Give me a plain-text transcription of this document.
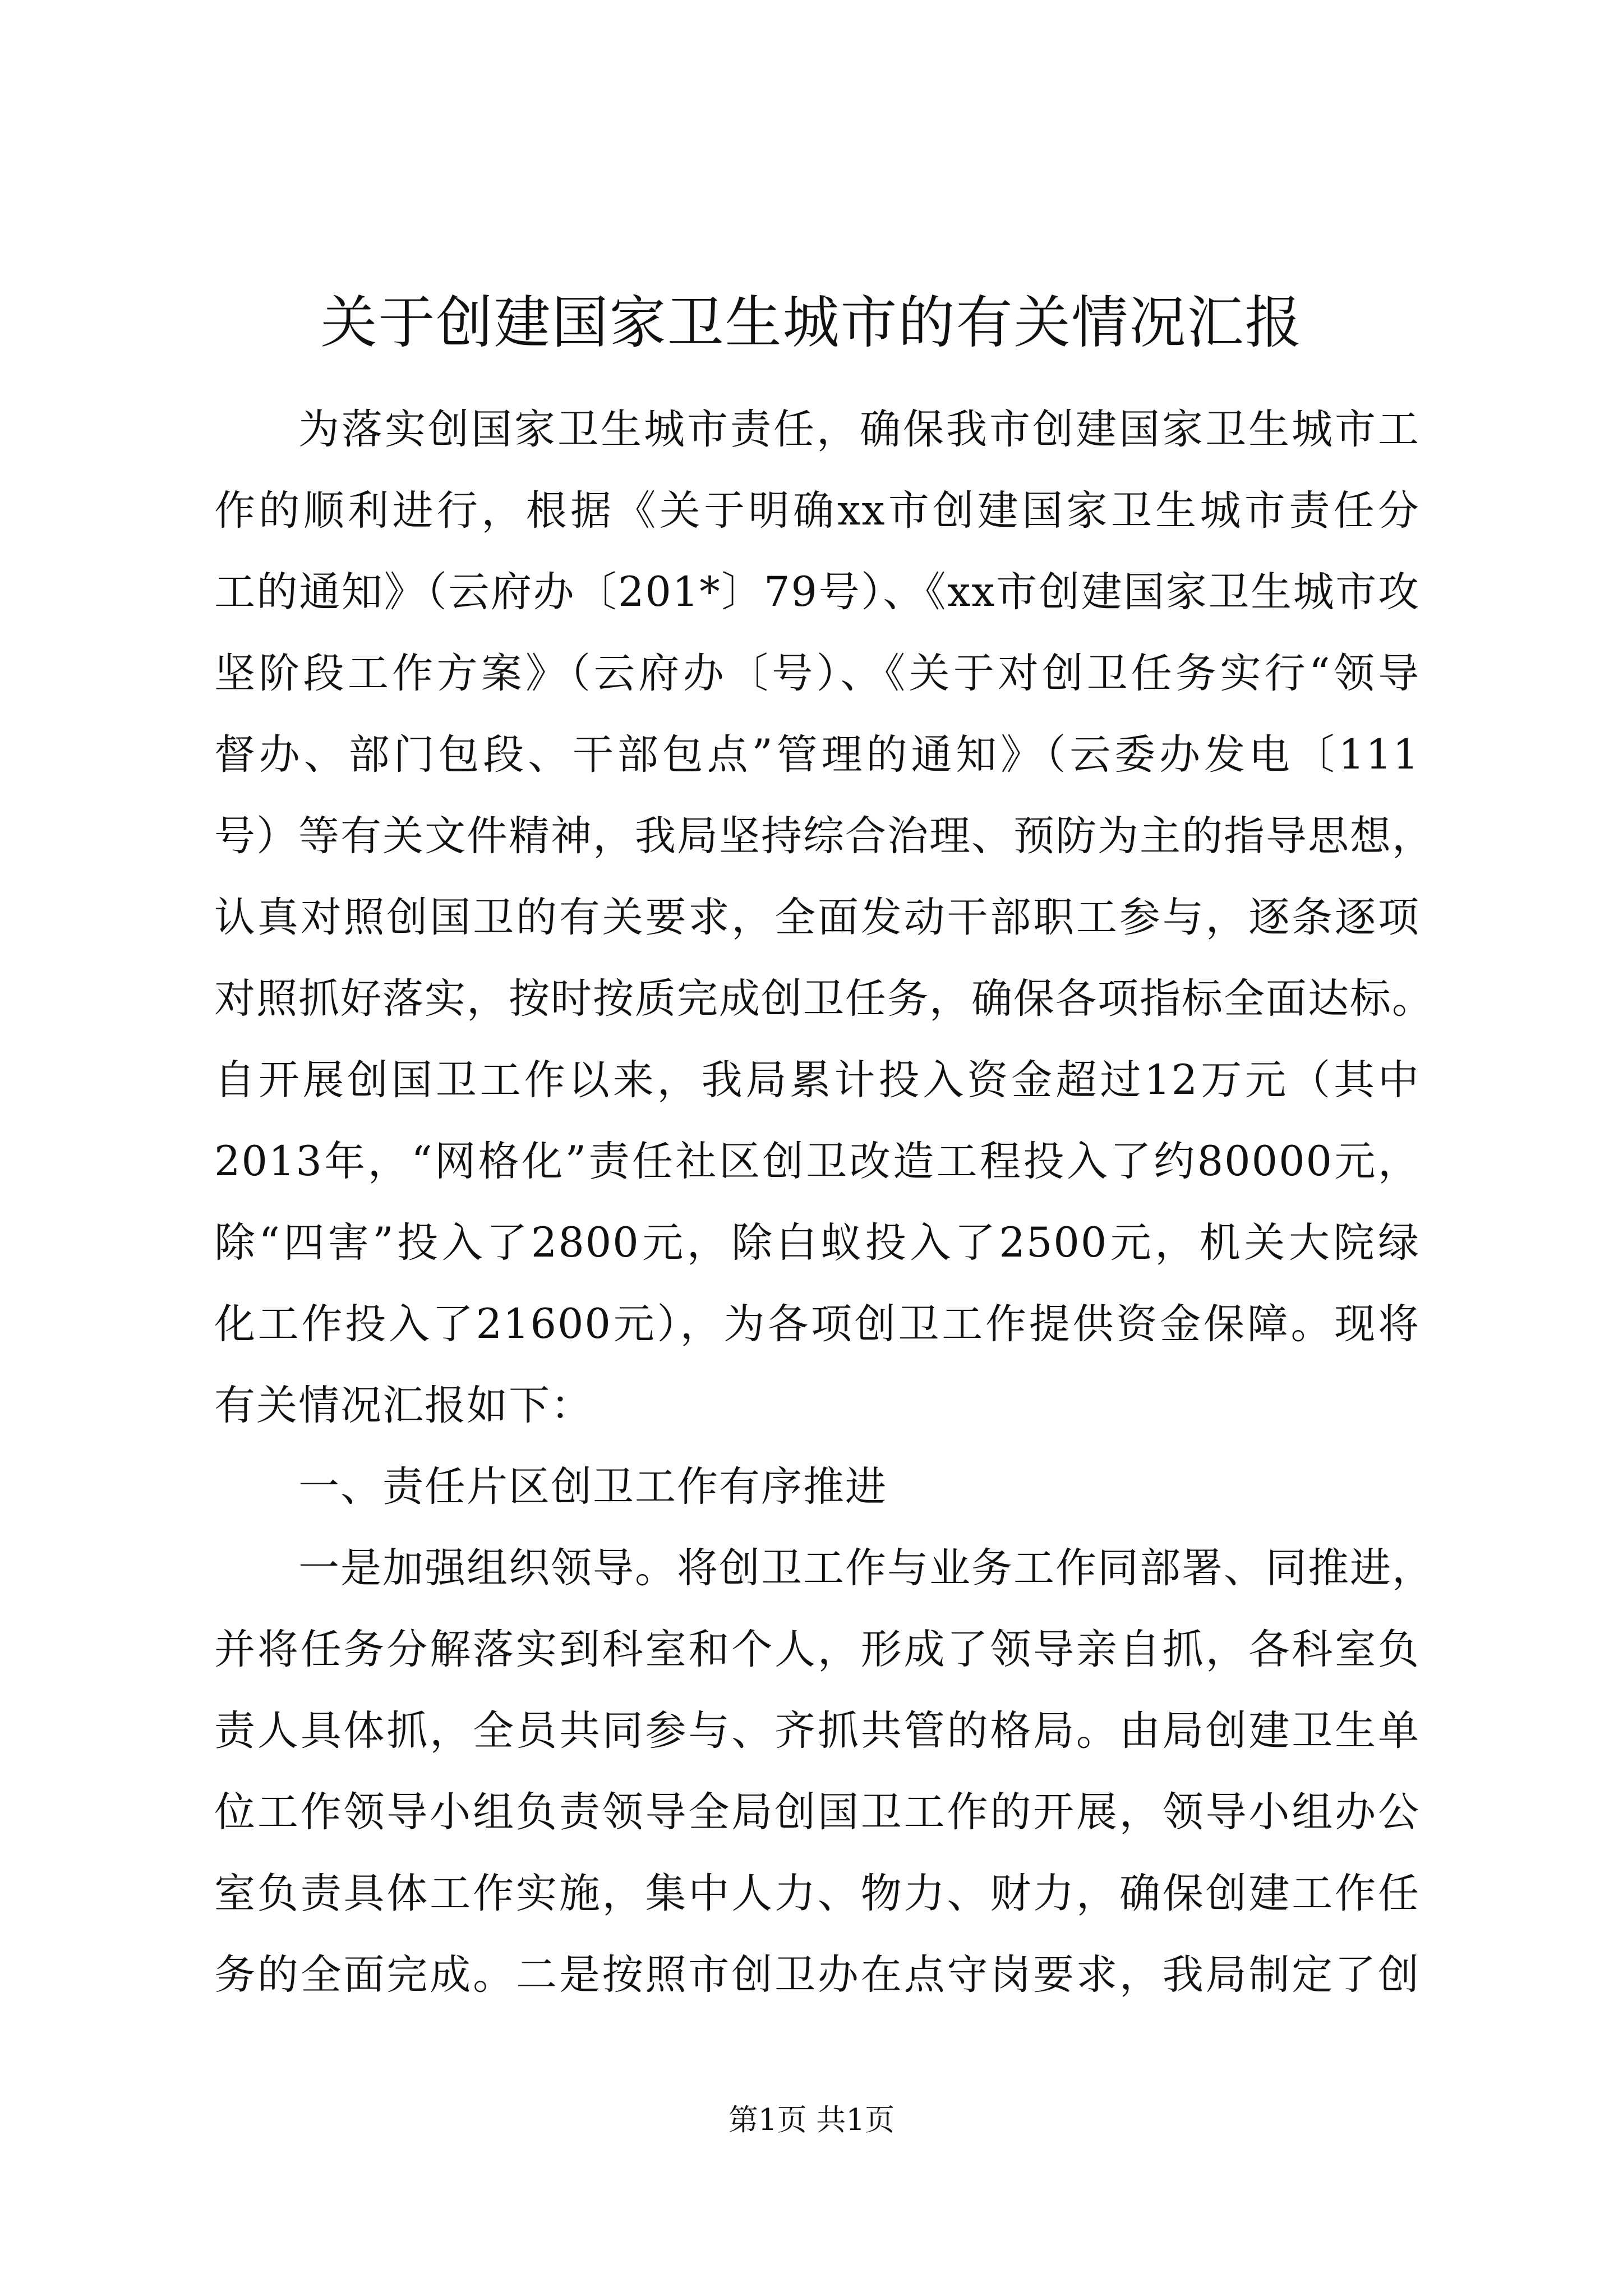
关于创建国家卫生城市的有关情况汇报
为落实创国家卫生城市责任，确保我市创建国家卫生城市工
作的顺利进行，根据《关于明确xx市创建国家卫生城市责任分
工的通知》（云府办〔201*〕79号）、《xx市创建国家卫生城市攻
坚阶段工作方案》（云府办〔号）、《关于对创卫任务实行“领导
督办、部门包段、干部包点”管理的通知》（云委办发电〔111
号）等有关文件精神，我局坚持综合治理、预防为主的指导思想，
认真对照创国卫的有关要求，全面发动干部职工参与，逐条逐项
对照抓好落实，按时按质完成创卫任务，确保各项指标全面达标。
自开展创国卫工作以来，我局累计投入资金超过12万元（其中
2013年，“网格化”责任社区创卫改造工程投入了约80000元，
除“四害”投入了2800元，除白蚁投入了2500元，机关大院绿
化工作投入了21600元），为各项创卫工作提供资金保障。现将
有关情况汇报如下：
一、责任片区创卫工作有序推进
一是加强组织领导。将创卫工作与业务工作同部署、同推进，
并将任务分解落实到科室和个人，形成了领导亲自抓，各科室负
责人具体抓，全员共同参与、齐抓共管的格局。由局创建卫生单
位工作领导小组负责领导全局创国卫工作的开展，领导小组办公
室负责具体工作实施，集中人力、物力、财力，确保创建工作任
务的全面完成。二是按照市创卫办在点守岗要求，我局制定了创
第1页 共1页
